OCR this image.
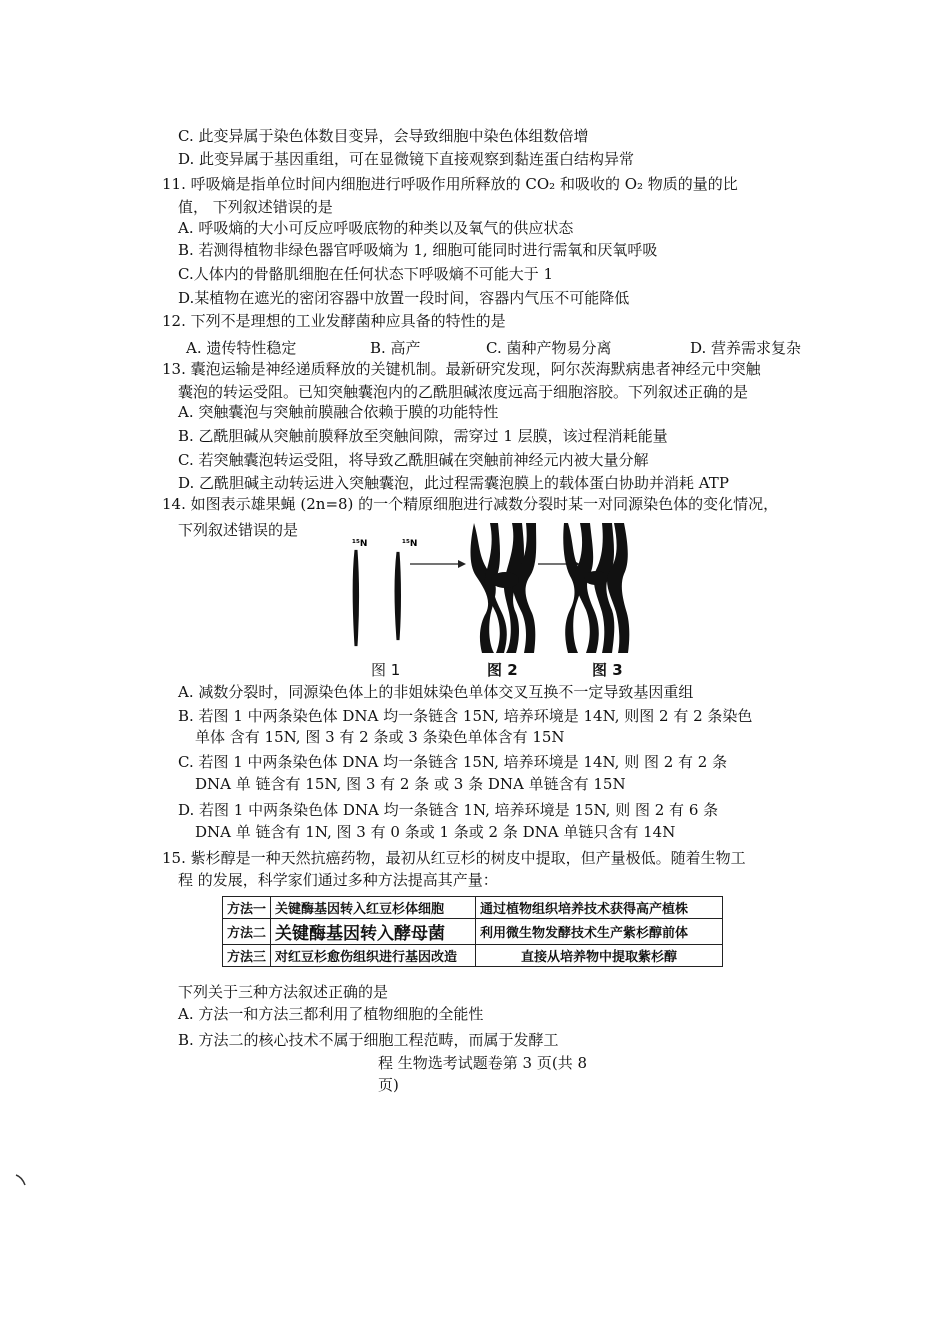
C. 此变异属于染色体数目变异，会导致细胞中染色体组数倍增
D. 此变异属于基因重组，可在显微镜下直接观察到黏连蛋白结构异常
11. 呼吸熵是指单位时间内细胞进行呼吸作用所释放的 CO₂ 和吸收的 O₂ 物质的量的比
值， 下列叙述错误的是
A. 呼吸熵的大小可反应呼吸底物的种类以及氧气的供应状态
B. 若测得植物非绿色器官呼吸熵为 1, 细胞可能同时进行需氧和厌氧呼吸
C.人体内的骨骼肌细胞在任何状态下呼吸熵不可能大于 1
D.某植物在遮光的密闭容器中放置一段时间，容器内气压不可能降低
12. 下列不是理想的工业发酵菌种应具备的特性的是
A. 遗传特性稳定	B. 高产	C. 菌种产物易分离	D. 营养需求复杂
13. 囊泡运输是神经递质释放的关键机制。最新研究发现，阿尔茨海默病患者神经元中突触
囊泡的转运受阻。已知突触囊泡内的乙酰胆碱浓度远高于细胞溶胶。下列叙述正确的是
A. 突触囊泡与突触前膜融合依赖于膜的功能特性
B. 乙酰胆碱从突触前膜释放至突触间隙，需穿过 1 层膜，该过程消耗能量
C. 若突触囊泡转运受阻，将导致乙酰胆碱在突触前神经元内被大量分解
D. 乙酰胆碱主动转运进入突触囊泡，此过程需囊泡膜上的载体蛋白协助并消耗 ATP
14. 如图表示雄果蝇 (2n=8) 的一个精原细胞进行减数分裂时某一对同源染色体的变化情况，
下列叙述错误的是
¹⁵N	¹⁵N
图 1	图 2	图 3
A. 减数分裂时，同源染色体上的非姐妹染色单体交叉互换不一定导致基因重组
B. 若图 1 中两条染色体 DNA 均一条链含 15N, 培养环境是 14N, 则图 2 有 2 条染色
单体 含有 15N, 图 3 有 2 条或 3 条染色单体含有 15N
C. 若图 1 中两条染色体 DNA 均一条链含 15N, 培养环境是 14N, 则 图 2 有 2 条
DNA 单 链含有 15N, 图 3 有 2 条 或 3 条 DNA 单链含有 15N
D. 若图 1 中两条染色体 DNA 均一条链含 1N, 培养环境是 15N, 则 图 2 有 6 条
DNA 单 链含有 1N, 图 3 有 0 条或 1 条或 2 条 DNA 单链只含有 14N
15. 紫杉醇是一种天然抗癌药物，最初从红豆杉的树皮中提取，但产量极低。随着生物工
程 的发展，科学家们通过多种方法提高其产量：
方法一	关键酶基因转入红豆杉体细胞	通过植物组织培养技术获得高产植株
方法二	关键酶基因转入酵母菌	利用微生物发酵技术生产紫杉醇前体
方法三	对红豆杉愈伤组织进行基因改造	直接从培养物中提取紫杉醇
下列关于三种方法叙述正确的是
A. 方法一和方法三都利用了植物细胞的全能性
B. 方法二的核心技术不属于细胞工程范畴，而属于发酵工
程 生物选考试题卷第 3 页(共 8
页)
